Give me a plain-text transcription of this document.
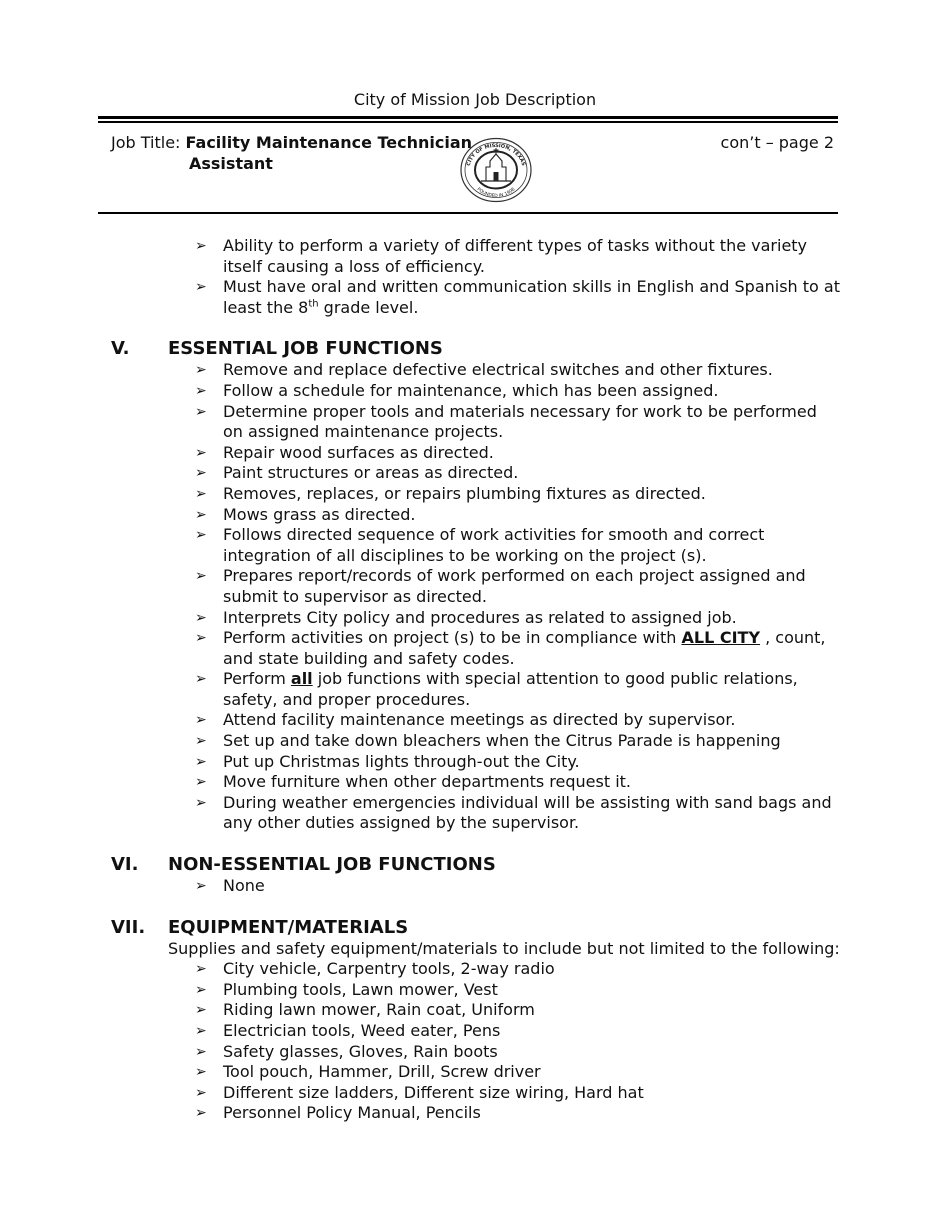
City of Mission Job Description
Job Title: Facility Maintenance Technician
Assistant	CITY OF MISSION, TEXAS
FOUNDED IN 1908
con’t – page 2
➢ Ability to perform a variety of different types of tasks without the variety itself causing a loss of efficiency.
➢ Must have oral and written communication skills in English and Spanish to at least the 8th grade level.
V. ESSENTIAL JOB FUNCTIONS
➢ Remove and replace defective electrical switches and other fixtures.
➢ Follow a schedule for maintenance, which has been assigned.
➢ Determine proper tools and materials necessary for work to be performed on assigned maintenance projects.
➢ Repair wood surfaces as directed.
➢ Paint structures or areas as directed.
➢ Removes, replaces, or repairs plumbing fixtures as directed.
➢ Mows grass as directed.
➢ Follows directed sequence of work activities for smooth and correct integration of all disciplines to be working on the project (s).
➢ Prepares report/records of work performed on each project assigned and submit to supervisor as directed.
➢ Interprets City policy and procedures as related to assigned job.
➢ Perform activities on project (s) to be in compliance with ALL CITY , count, and state building and safety codes.
➢ Perform all job functions with special attention to good public relations, safety, and proper procedures.
➢ Attend facility maintenance meetings as directed by supervisor.
➢ Set up and take down bleachers when the Citrus Parade is happening
➢ Put up Christmas lights through-out the City.
➢ Move furniture when other departments request it.
➢ During weather emergencies individual will be assisting with sand bags and any other duties assigned by the supervisor.
VI. NON-ESSENTIAL JOB FUNCTIONS
➢ None
VII. EQUIPMENT/MATERIALS
Supplies and safety equipment/materials to include but not limited to the following:
➢ City vehicle, Carpentry tools, 2-way radio
➢ Plumbing tools, Lawn mower, Vest
➢ Riding lawn mower, Rain coat, Uniform
➢ Electrician tools, Weed eater, Pens
➢ Safety glasses, Gloves, Rain boots
➢ Tool pouch, Hammer, Drill, Screw driver
➢ Different size ladders, Different size wiring, Hard hat
➢ Personnel Policy Manual, Pencils
